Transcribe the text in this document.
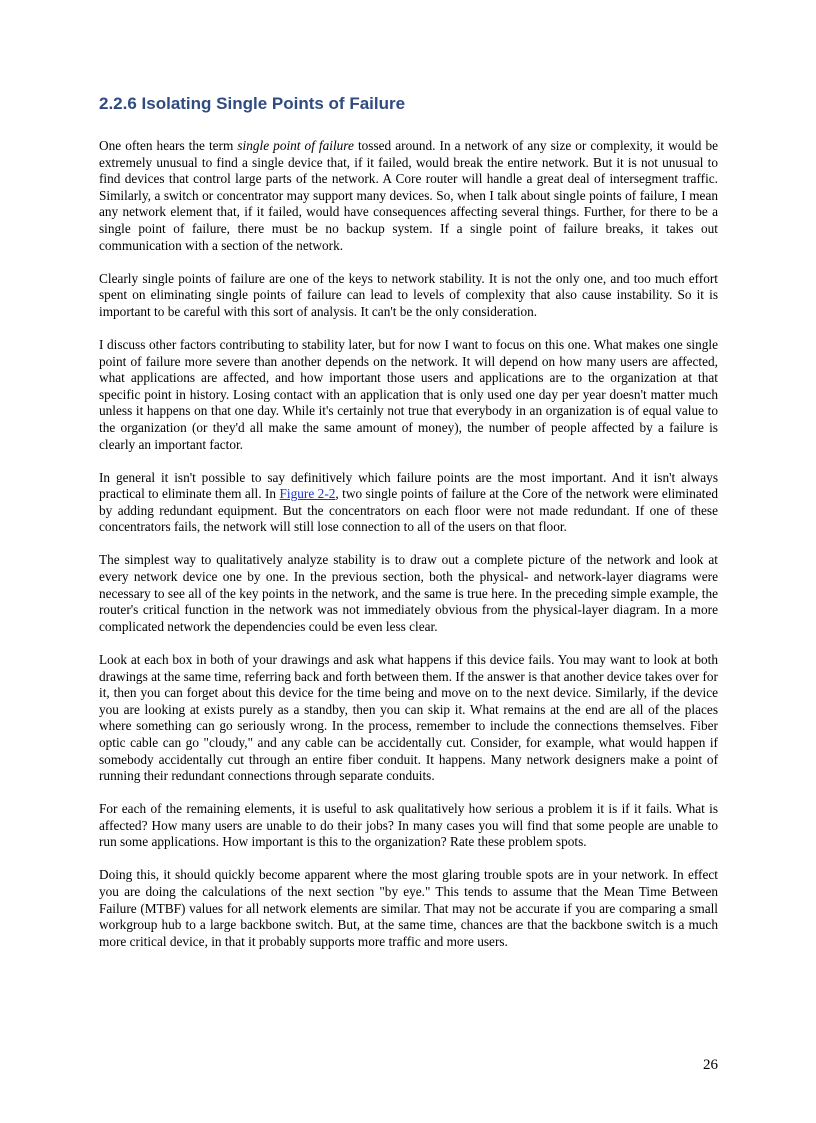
2.2.6 Isolating Single Points of Failure

One often hears the term single point of failure tossed around. In a network of any size or complexity, it would be extremely unusual to find a single device that, if it failed, would break the entire network. But it is not unusual to find devices that control large parts of the network. A Core router will handle a great deal of intersegment traffic. Similarly, a switch or concentrator may support many devices. So, when I talk about single points of failure, I mean any network element that, if it failed, would have consequences affecting several things. Further, for there to be a single point of failure, there must be no backup system. If a single point of failure breaks, it takes out communication with a section of the network.

Clearly single points of failure are one of the keys to network stability. It is not the only one, and too much effort spent on eliminating single points of failure can lead to levels of complexity that also cause instability. So it is important to be careful with this sort of analysis. It can't be the only consideration.

I discuss other factors contributing to stability later, but for now I want to focus on this one. What makes one single point of failure more severe than another depends on the network. It will depend on how many users are affected, what applications are affected, and how important those users and applications are to the organization at that specific point in history. Losing contact with an application that is only used one day per year doesn't matter much unless it happens on that one day. While it's certainly not true that everybody in an organization is of equal value to the organization (or they'd all make the same amount of money), the number of people affected by a failure is clearly an important factor.

In general it isn't possible to say definitively which failure points are the most important. And it isn't always practical to eliminate them all. In Figure 2-2, two single points of failure at the Core of the network were eliminated by adding redundant equipment. But the concentrators on each floor were not made redundant. If one of these concentrators fails, the network will still lose connection to all of the users on that floor.

The simplest way to qualitatively analyze stability is to draw out a complete picture of the network and look at every network device one by one. In the previous section, both the physical- and network-layer diagrams were necessary to see all of the key points in the network, and the same is true here. In the preceding simple example, the router's critical function in the network was not immediately obvious from the physical-layer diagram. In a more complicated network the dependencies could be even less clear.

Look at each box in both of your drawings and ask what happens if this device fails. You may want to look at both drawings at the same time, referring back and forth between them. If the answer is that another device takes over for it, then you can forget about this device for the time being and move on to the next device. Similarly, if the device you are looking at exists purely as a standby, then you can skip it. What remains at the end are all of the places where something can go seriously wrong. In the process, remember to include the connections themselves. Fiber optic cable can go "cloudy," and any cable can be accidentally cut. Consider, for example, what would happen if somebody accidentally cut through an entire fiber conduit. It happens. Many network designers make a point of running their redundant connections through separate conduits.

For each of the remaining elements, it is useful to ask qualitatively how serious a problem it is if it fails. What is affected? How many users are unable to do their jobs? In many cases you will find that some people are unable to run some applications. How important is this to the organization? Rate these problem spots.

Doing this, it should quickly become apparent where the most glaring trouble spots are in your network. In effect you are doing the calculations of the next section "by eye." This tends to assume that the Mean Time Between Failure (MTBF) values for all network elements are similar. That may not be accurate if you are comparing a small workgroup hub to a large backbone switch. But, at the same time, chances are that the backbone switch is a much more critical device, in that it probably supports more traffic and more users.

26
